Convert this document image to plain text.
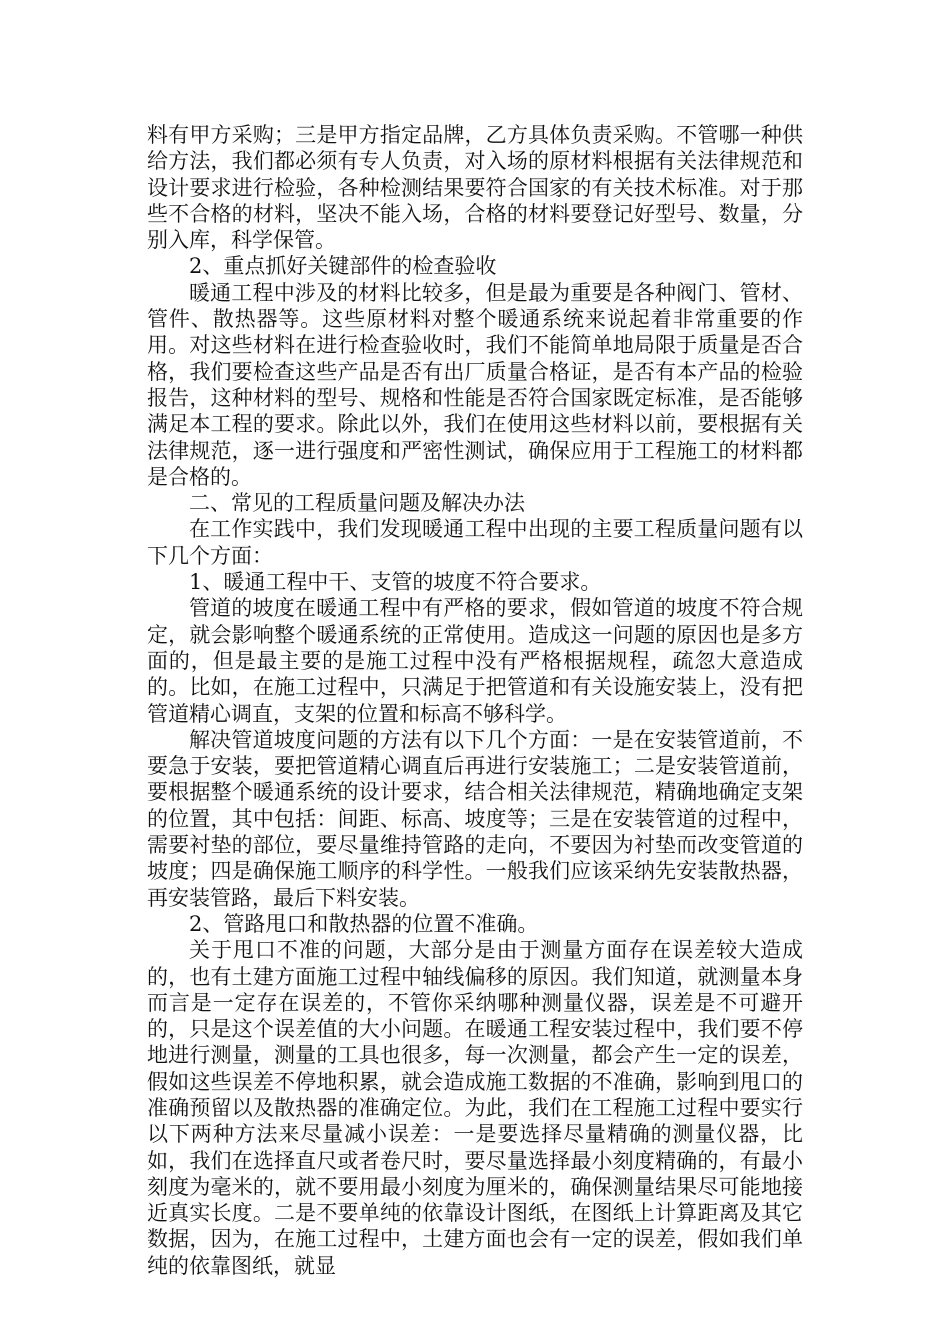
料有甲方采购；三是甲方指定品牌，乙方具体负责采购。不管哪一种供给方法，我们都必须有专人负责，对入场的原材料根据有关法律规范和设计要求进行检验，各种检测结果要符合国家的有关技术标准。对于那些不合格的材料，坚决不能入场，合格的材料要登记好型号、数量，分别入库，科学保管。

2、重点抓好关键部件的检查验收

暖通工程中涉及的材料比较多，但是最为重要是各种阀门、管材、管件、散热器等。这些原材料对整个暖通系统来说起着非常重要的作用。对这些材料在进行检查验收时，我们不能简单地局限于质量是否合格，我们要检查这些产品是否有出厂质量合格证，是否有本产品的检验报告，这种材料的型号、规格和性能是否符合国家既定标准，是否能够满足本工程的要求。除此以外，我们在使用这些材料以前，要根据有关法律规范，逐一进行强度和严密性测试，确保应用于工程施工的材料都是合格的。

二、常见的工程质量问题及解决办法

在工作实践中，我们发现暖通工程中出现的主要工程质量问题有以下几个方面：

1、暖通工程中干、支管的坡度不符合要求。

管道的坡度在暖通工程中有严格的要求，假如管道的坡度不符合规定，就会影响整个暖通系统的正常使用。造成这一问题的原因也是多方面的，但是最主要的是施工过程中没有严格根据规程，疏忽大意造成的。比如，在施工过程中，只满足于把管道和有关设施安装上，没有把管道精心调直，支架的位置和标高不够科学。

解决管道坡度问题的方法有以下几个方面：一是在安装管道前，不要急于安装，要把管道精心调直后再进行安装施工；二是安装管道前，要根据整个暖通系统的设计要求，结合相关法律规范，精确地确定支架的位置，其中包括：间距、标高、坡度等；三是在安装管道的过程中，需要衬垫的部位，要尽量维持管路的走向，不要因为衬垫而改变管道的坡度；四是确保施工顺序的科学性。一般我们应该采纳先安装散热器，再安装管路，最后下料安装。

2、管路甩口和散热器的位置不准确。

关于甩口不准的问题，大部分是由于测量方面存在误差较大造成的，也有土建方面施工过程中轴线偏移的原因。我们知道，就测量本身而言是一定存在误差的，不管你采纳哪种测量仪器，误差是不可避开的，只是这个误差值的大小问题。在暖通工程安装过程中，我们要不停地进行测量，测量的工具也很多，每一次测量，都会产生一定的误差，假如这些误差不停地积累，就会造成施工数据的不准确，影响到甩口的准确预留以及散热器的准确定位。为此，我们在工程施工过程中要实行以下两种方法来尽量减小误差：一是要选择尽量精确的测量仪器，比如，我们在选择直尺或者卷尺时，要尽量选择最小刻度精确的，有最小刻度为毫米的，就不要用最小刻度为厘米的，确保测量结果尽可能地接近真实长度。二是不要单纯的依靠设计图纸，在图纸上计算距离及其它数据，因为，在施工过程中，土建方面也会有一定的误差，假如我们单纯的依靠图纸，就显
